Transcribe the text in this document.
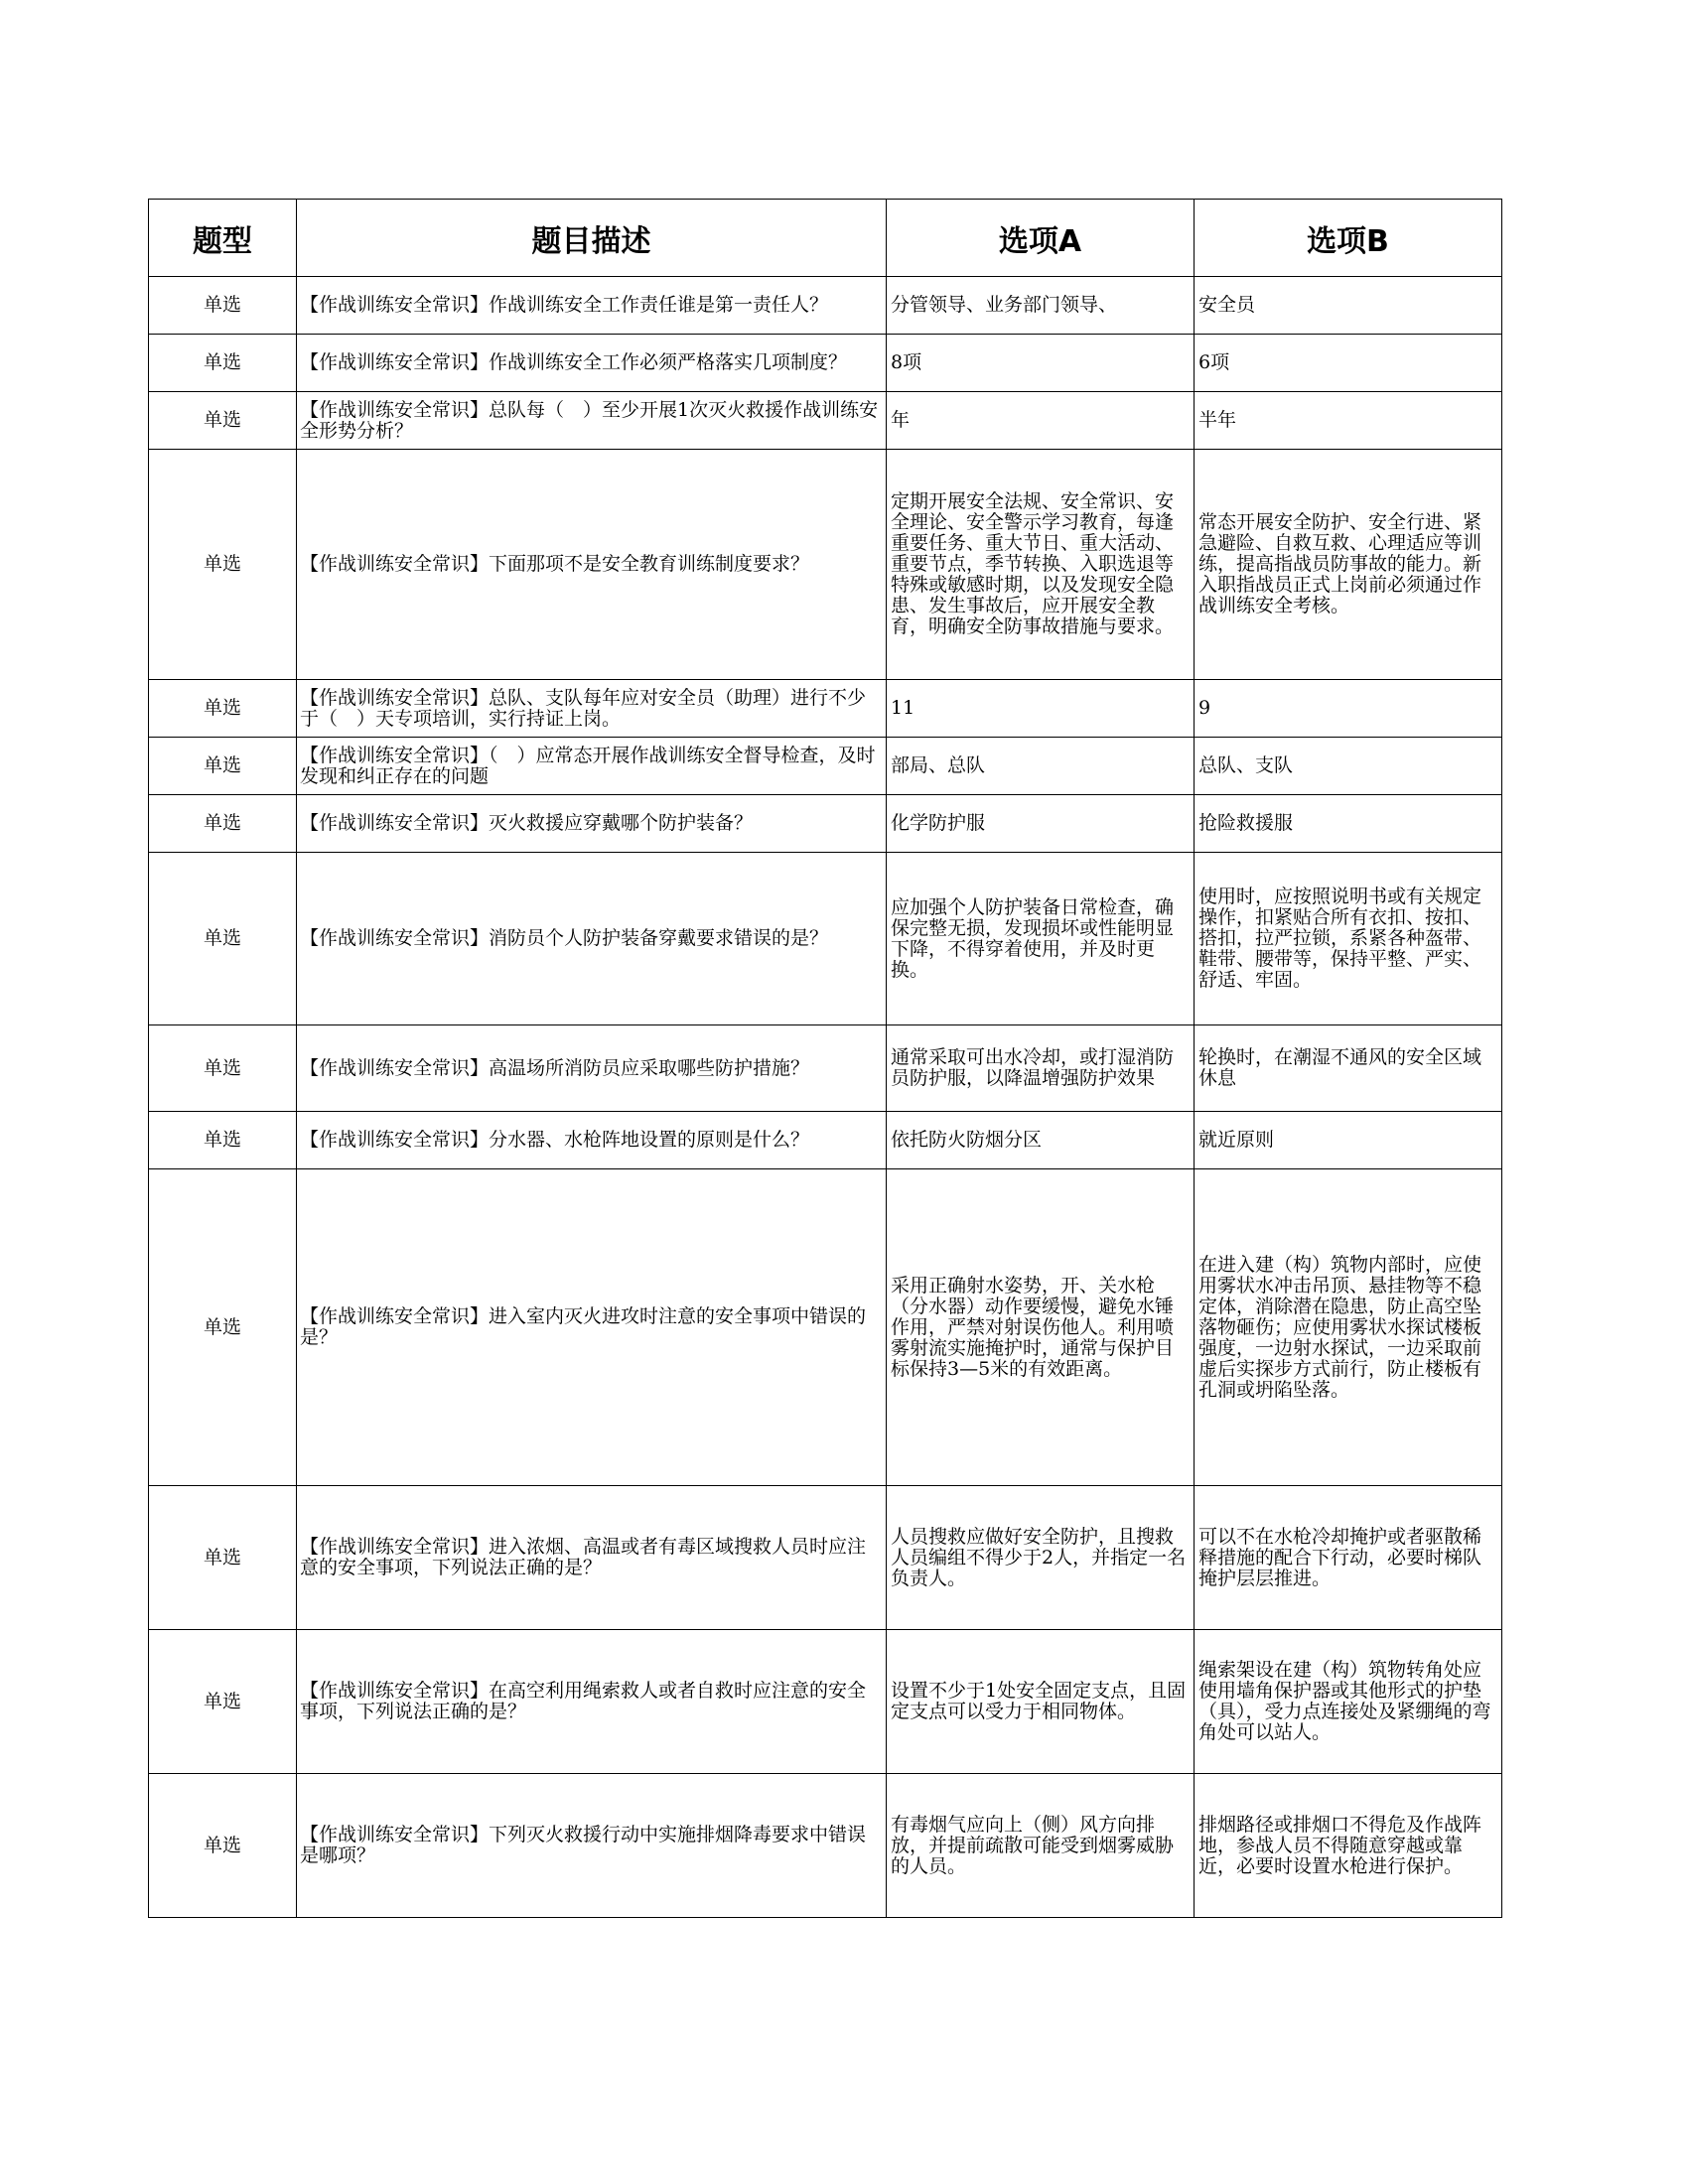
题型	题目描述	选项A	选项B
单选	【作战训练安全常识】作战训练安全工作责任谁是第一责任人？	分管领导、业务部门领导、	安全员
单选	【作战训练安全常识】作战训练安全工作必须严格落实几项制度？	8项	6项
单选	【作战训练安全常识】总队每（　）至少开展1次灭火救援作战训练安全形势分析？	年	半年
单选	【作战训练安全常识】下面那项不是安全教育训练制度要求？	定期开展安全法规、安全常识、安全理论、安全警示学习教育，每逢重要任务、重大节日、重大活动、重要节点，季节转换、入职选退等特殊或敏感时期，以及发现安全隐患、发生事故后，应开展安全教育，明确安全防事故措施与要求。	常态开展安全防护、安全行进、紧急避险、自救互救、心理适应等训练，提高指战员防事故的能力。新入职指战员正式上岗前必须通过作战训练安全考核。
单选	【作战训练安全常识】总队、支队每年应对安全员（助理）进行不少于（　）天专项培训，实行持证上岗。	11	9
单选	【作战训练安全常识】（　）应常态开展作战训练安全督导检查，及时发现和纠正存在的问题	部局、总队	总队、支队
单选	【作战训练安全常识】灭火救援应穿戴哪个防护装备？	化学防护服	抢险救援服
单选	【作战训练安全常识】消防员个人防护装备穿戴要求错误的是？	应加强个人防护装备日常检查，确保完整无损，发现损坏或性能明显下降，不得穿着使用，并及时更换。	使用时，应按照说明书或有关规定操作，扣紧贴合所有衣扣、按扣、搭扣，拉严拉锁，系紧各种盔带、鞋带、腰带等，保持平整、严实、舒适、牢固。
单选	【作战训练安全常识】高温场所消防员应采取哪些防护措施？	通常采取可出水冷却，或打湿消防员防护服，以降温增强防护效果	轮换时，在潮湿不通风的安全区域休息
单选	【作战训练安全常识】分水器、水枪阵地设置的原则是什么？	依托防火防烟分区	就近原则
单选	【作战训练安全常识】进入室内灭火进攻时注意的安全事项中错误的是？	采用正确射水姿势，开、关水枪（分水器）动作要缓慢，避免水锤作用，严禁对射误伤他人。利用喷雾射流实施掩护时，通常与保护目标保持3—5米的有效距离。	在进入建（构）筑物内部时，应使用雾状水冲击吊顶、悬挂物等不稳定体，消除潜在隐患，防止高空坠落物砸伤；应使用雾状水探试楼板强度，一边射水探试，一边采取前虚后实探步方式前行，防止楼板有孔洞或坍陷坠落。
单选	【作战训练安全常识】进入浓烟、高温或者有毒区域搜救人员时应注意的安全事项，下列说法正确的是？	人员搜救应做好安全防护，且搜救人员编组不得少于2人，并指定一名负责人。	可以不在水枪冷却掩护或者驱散稀释措施的配合下行动，必要时梯队掩护层层推进。
单选	【作战训练安全常识】在高空利用绳索救人或者自救时应注意的安全事项，下列说法正确的是？	设置不少于1处安全固定支点，且固定支点可以受力于相同物体。	绳索架设在建（构）筑物转角处应使用墙角保护器或其他形式的护垫（具），受力点连接处及紧绷绳的弯角处可以站人。
单选	【作战训练安全常识】下列灭火救援行动中实施排烟降毒要求中错误是哪项？	有毒烟气应向上（侧）风方向排放，并提前疏散可能受到烟雾威胁的人员。	排烟路径或排烟口不得危及作战阵地，参战人员不得随意穿越或靠近，必要时设置水枪进行保护。
